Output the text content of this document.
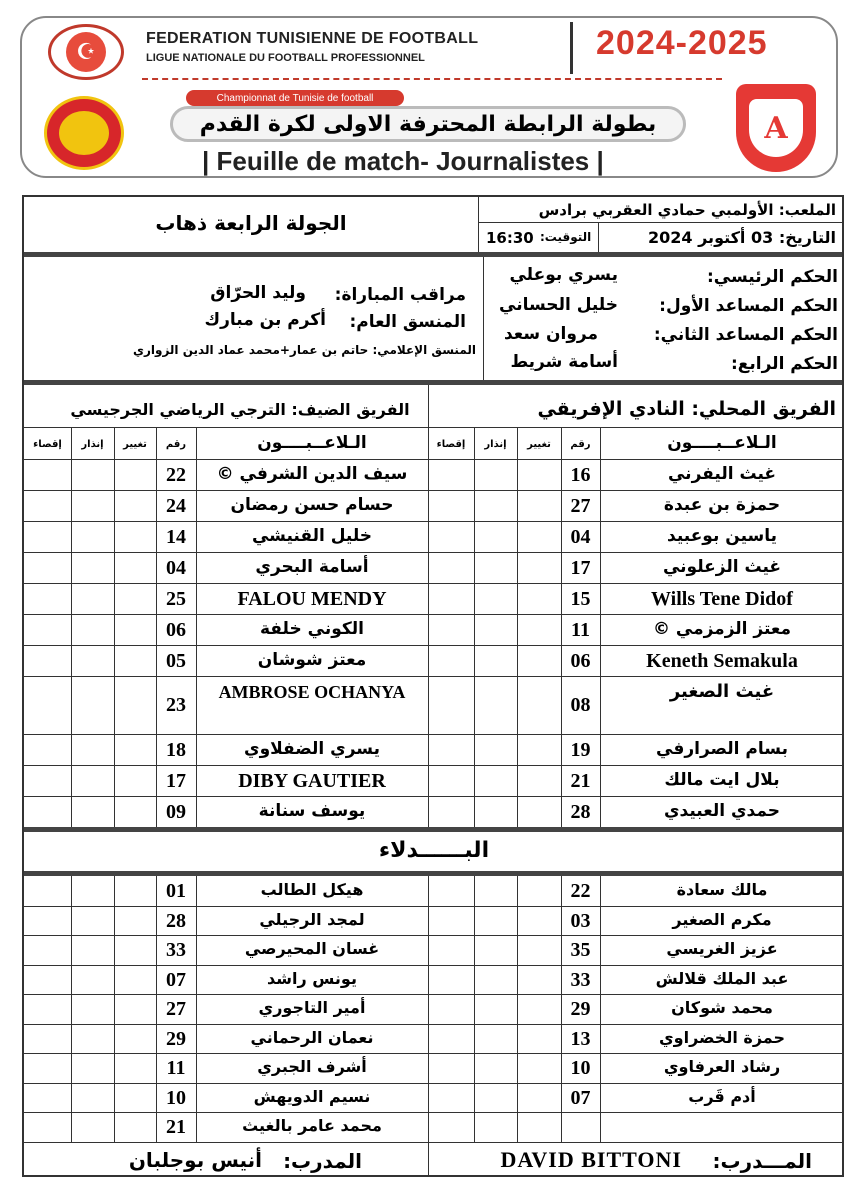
☪
FEDERATION TUNISIENNE DE FOOTBALL
LIGUE NATIONALE DU FOOTBALL PROFESSIONNEL	2024-2025
A
Championnat de Tunisie de football
بطولة الرابطة المحترفة الاولى لكرة القدم
| Feuille de match- Journalistes |
الملعب: الأولمبي حمادي العقربي برادس
التاريخ: 03 أكتوبر 2024
التوقيت:
16:30
الجولة الرابعة ذهاب
الحكم الرئيسي:
يسري بوعلي
الحكم المساعد الأول:
خليل الحساني
الحكم المساعد الثاني:
مروان سعد
الحكم الرابع:
أسامة شريط
مراقب المباراة:
وليد الحرّاق
المنسق العام:
أكرم بن مبارك
المنسق الإعلامي: حاتم بن عمار+محمد عماد الدين الزواري
الفريق المحلي: النادي الإفريقي
الفريق الضيف: الترجي الرياضي الجرجيسي
البــــــدلاء
المـــدرب:
DAVID BITTONI
المدرب:
أنيس بوجلبان
الـلاعــبــــون
رقم
تغيير
إنذار
إقصاء
الـلاعــبــــون
رقم
تغيير
إنذار
إقصاء
غيث اليفرني
16
حمزة بن عبدة
27
ياسين بوعبيد
04
غيث الزعلوني
17
Wills Tene Didof
15
معتز الزمزمي ©
11
Keneth Semakula
06
غيث الصغير
08
بسام الصرارفي
19
بلال ايت مالك
21
حمدي العبيدي
28
سيف الدين الشرفي ©
22
حسام حسن رمضان
24
خليل القنيشي
14
أسامة البحري
04
FALOU MENDY
25
الكوني خلفة
06
معتز شوشان
05
AMBROSE OCHANYA
23
يسري الضفلاوي
18
DIBY GAUTIER
17
يوسف سنانة
09
مالك سعادة
22
هيكل الطالب
01
مكرم الصغير
03
لمجد الرجيلي
28
عزيز الغريسي
35
غسان المحيرصي
33
عبد الملك قلالش
33
يونس راشد
07
محمد شوكان
29
أمير التاجوري
27
حمزة الخضراوي
13
نعمان الرحماني
29
رشاد العرفاوي
10
أشرف الجبري
11
أدم قَرب
07
نسيم الدويهش
10
محمد عامر بالغيث
21
